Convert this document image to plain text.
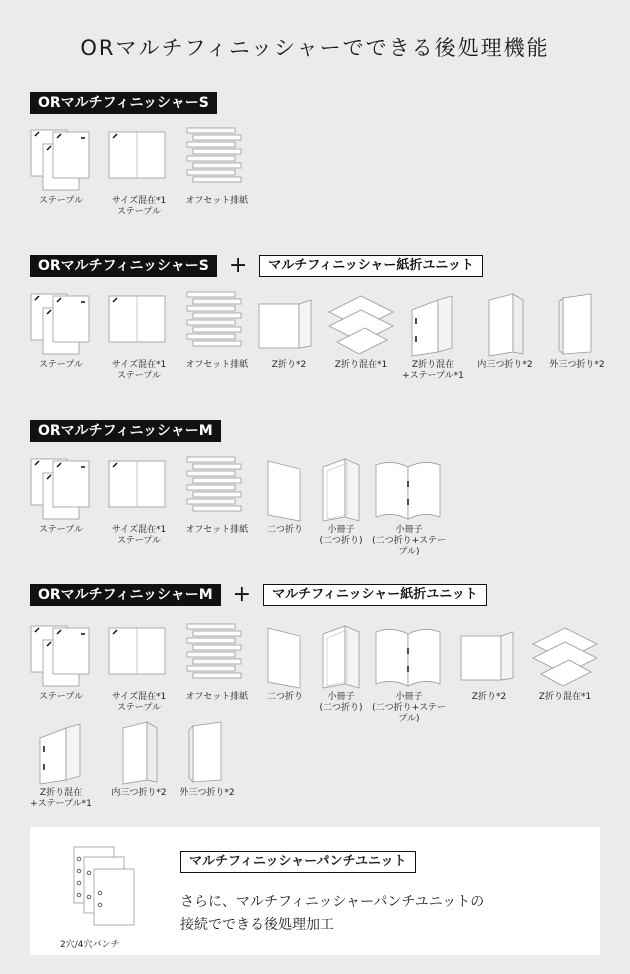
ORマルチフィニッシャーでできる後処理機能
ORマルチフィニッシャーS
ORマルチフィニッシャーS +	マルチフィニッシャー紙折ユニット
ORマルチフィニッシャーM
ORマルチフィニッシャーM +	マルチフィニッシャー紙折ユニット
ステープル	サイズ混在*1
ステープル
オフセット排紙
ステープル	サイズ混在*1
ステープル
オフセット排紙	Z折り*2	Z折り混在*1	Z折り混在
+ステープル*1
内三つ折り*2	外三つ折り*2
ステープル	サイズ混在*1
ステープル
オフセット排紙	二つ折り	小冊子
(二つ折り)
小冊子
(二つ折り+ステープル)
ステープル	サイズ混在*1
ステープル
オフセット排紙	二つ折り	小冊子
(二つ折り)
小冊子
(二つ折り+ステープル)
Z折り*2	Z折り混在*1
Z折り混在
+ステープル*1
内三つ折り*2	外三つ折り*2
2穴/4穴パンチ
マルチフィニッシャーパンチユニット
さらに、マルチフィニッシャーパンチユニットの
接続でできる後処理加工
